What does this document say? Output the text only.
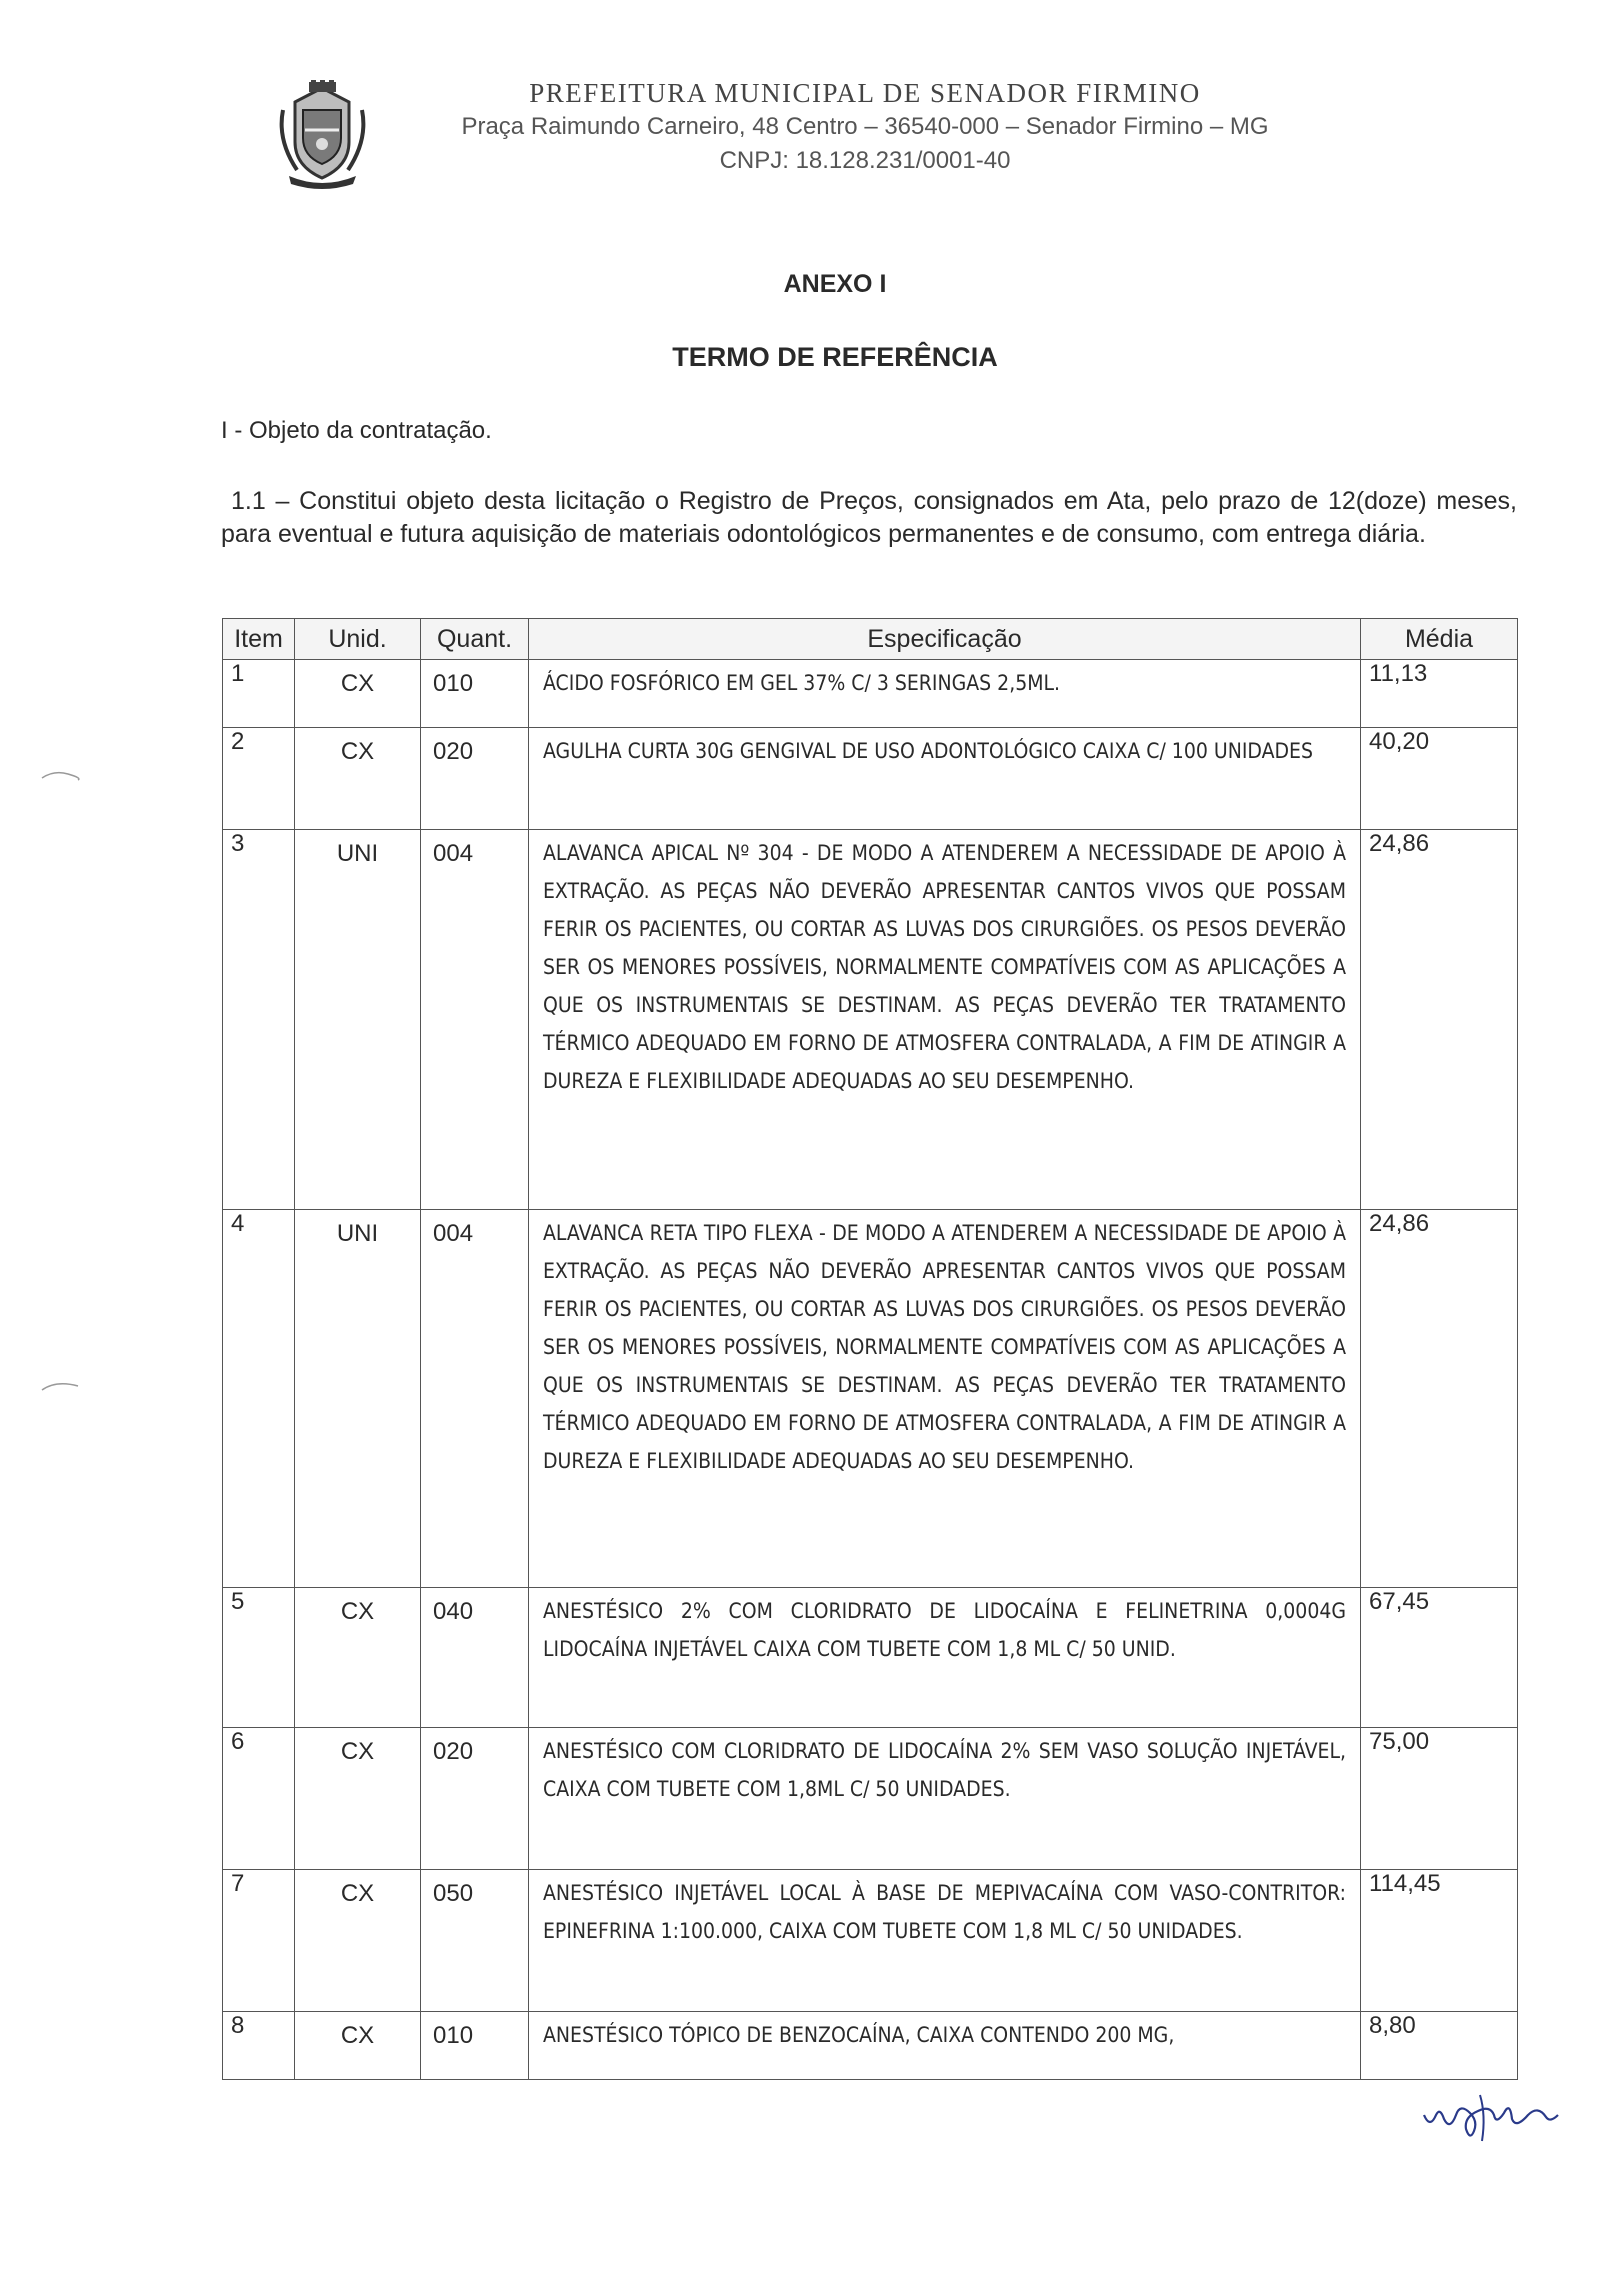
PREFEITURA MUNICIPAL DE SENADOR FIRMINO
Praça Raimundo Carneiro, 48 Centro – 36540-000 – Senador Firmino – MG
CNPJ: 18.128.231/0001-40
ANEXO I
TERMO DE REFERÊNCIA
I - Objeto da contratação.
1.1 – Constitui objeto desta licitação o Registro de Preços, consignados em Ata, pelo prazo de 12(doze) meses, para eventual e futura aquisição de materiais odontológicos permanentes e de consumo, com entrega diária.
Item	Unid.	Quant.	Especificação	Média
1	CX	010	ÁCIDO FOSFÓRICO EM GEL 37% C/ 3 SERINGAS 2,5ML.	11,13
2	CX	020	AGULHA CURTA 30G GENGIVAL DE USO ADONTOLÓGICO CAIXA C/ 100 UNIDADES	40,20
3	UNI	004	ALAVANCA APICAL Nº 304 - DE MODO A ATENDEREM A NECESSIDADE DE APOIO À EXTRAÇÃO. AS PEÇAS NÃO DEVERÃO APRESENTAR CANTOS VIVOS QUE POSSAM FERIR OS PACIENTES, OU CORTAR AS LUVAS DOS CIRURGIÕES. OS PESOS DEVERÃO SER OS MENORES POSSÍVEIS, NORMALMENTE COMPATÍVEIS COM AS APLICAÇÕES A QUE OS INSTRUMENTAIS SE DESTINAM. AS PEÇAS DEVERÃO TER TRATAMENTO TÉRMICO ADEQUADO EM FORNO DE ATMOSFERA CONTRALADA, A FIM DE ATINGIR A DUREZA E FLEXIBILIDADE ADEQUADAS AO SEU DESEMPENHO.	24,86
4	UNI	004	ALAVANCA RETA TIPO FLEXA - DE MODO A ATENDEREM A NECESSIDADE DE APOIO À EXTRAÇÃO. AS PEÇAS NÃO DEVERÃO APRESENTAR CANTOS VIVOS QUE POSSAM FERIR OS PACIENTES, OU CORTAR AS LUVAS DOS CIRURGIÕES. OS PESOS DEVERÃO SER OS MENORES POSSÍVEIS, NORMALMENTE COMPATÍVEIS COM AS APLICAÇÕES A QUE OS INSTRUMENTAIS SE DESTINAM. AS PEÇAS DEVERÃO TER TRATAMENTO TÉRMICO ADEQUADO EM FORNO DE ATMOSFERA CONTRALADA, A FIM DE ATINGIR A DUREZA E FLEXIBILIDADE ADEQUADAS AO SEU DESEMPENHO.	24,86
5	CX	040	ANESTÉSICO 2% COM CLORIDRATO DE LIDOCAÍNA E FELINETRINA 0,0004G LIDOCAÍNA INJETÁVEL CAIXA COM TUBETE COM 1,8 ML C/ 50 UNID.	67,45
6	CX	020	ANESTÉSICO COM CLORIDRATO DE LIDOCAÍNA 2% SEM VASO SOLUÇÃO INJETÁVEL, CAIXA COM TUBETE COM 1,8ML C/ 50 UNIDADES.	75,00
7	CX	050	ANESTÉSICO INJETÁVEL LOCAL À BASE DE MEPIVACAÍNA COM VASO-CONTRITOR: EPINEFRINA 1:100.000, CAIXA COM TUBETE COM 1,8 ML C/ 50 UNIDADES.	114,45
8	CX	010	ANESTÉSICO TÓPICO DE BENZOCAÍNA, CAIXA CONTENDO 200 MG,	8,80
